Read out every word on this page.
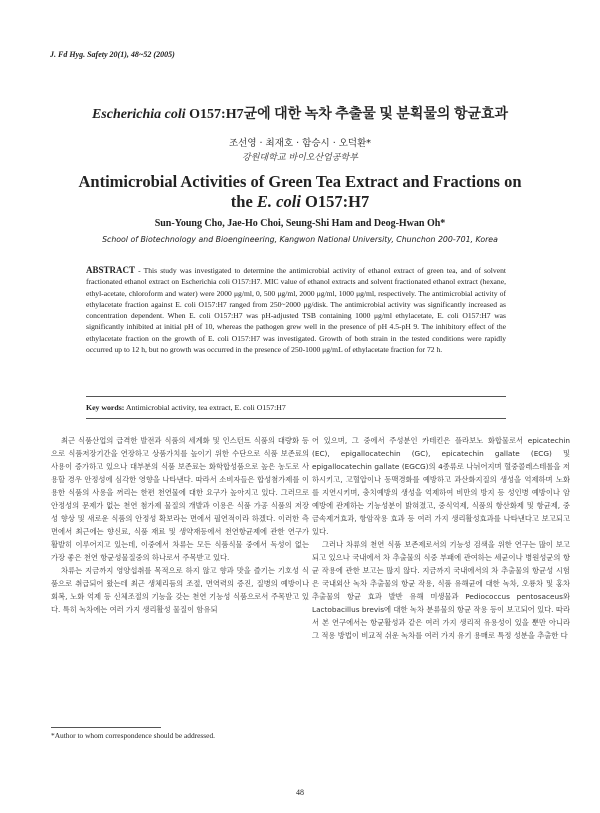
J. Fd Hyg. Safety 20(1), 48~52 (2005)
Escherichia coli O157:H7균에 대한 녹차 추출물 및 분획물의 항균효과
조선영 · 최재호 · 함승시 · 오덕환*
강원대학교 바이오산업공학부
Antimicrobial Activities of Green Tea Extract and Fractions on
the E. coli O157:H7
Sun-Young Cho, Jae-Ho Choi, Seung-Shi Ham and Deog-Hwan Oh*
School of Biotechnology and Bioengineering, Kangwon National University, Chunchon 200-701, Korea
ABSTRACT - This study was investigated to determine the antimicrobial activity of ethanol extract of green tea, and of solvent fractionated ethanol extract on Escherichia coli O157:H7. MIC value of ethanol extracts and solvent fractionated ethanol extract (hexane, ethyl-acetate, chloroform and water) were 2000 μg/ml, 0, 500 μg/ml, 2000 μg/ml, 1000 μg/ml, respectively. The antimicrobial activity of ethylacetate fraction against E. coli O157:H7 ranged from 250~2000 μg/disk. The antimicrobial activity was significantly increased as concentration dependent. When E. coli O157:H7 was pH-adjusted TSB containing 1000 μg/ml ethylacetate, E. coli O157:H7 was significantly inhibited at initial pH of 10, whereas the pathogen grew well in the presence of pH 4.5-pH 9. The inhibitory effect of the ethylacetate fraction on the growth of E. coli O157:H7 was investigated. Growth of both strain in the tested conditions were rapidly occurred up to 12 h, but no growth was occurred in the presence of 250-1000 μg/mL of ethylacetate fraction for 72 h.
Key words: Antimicrobial activity, tea extract, E. coli O157:H7

최근 식품산업의 급격한 발전과 식품의 세계화 및 인스턴트 식품의 대량화 등으로 식품저장기간을 연장하고 상품가치를 높이기 위한 수단으로 식품 보존료의 사용이 증가하고 있으나 대부분의 식품 보존료는 화학합성품으로 높은 농도로 사용할 경우 안정성에 심각한 영향을 나타낸다. 따라서 소비자들은 합성첨가제를 이용한 식품의 사용을 꺼리는 한편 천연물에 대한 요구가 높아지고 있다. 그러므로 안정성의 문제가 없는 천연 첨가제 물질의 개발과 이용은 식품 가공 식품의 저장성 향상 및 새로운 식품의 안정성 확보라는 면에서 필연적이라 하겠다. 이러한 측면에서 최근에는 향신료, 식품 재료 및 생약재등에서 천연항균제에 관한 연구가 활발히 이루어지고 있는데, 이중에서 차류는 모든 식품식물 중에서 독성이 없는 가장 좋은 천연 항균성물질중의 하나로서 주목받고 있다.

차류는 지금까지 영양섭취를 목적으로 하지 않고 향과 맛을 즐기는 기호성 식품으로 취급되어 왔는데 최근 생체리듬의 조절, 면역력의 증진, 질병의 예방이나 회복, 노화 억제 등 신체조절의 기능을 갖는 천연 기능성 식품으로서 주목받고 있다. 특히 녹차에는 여러 가지 생리활성 물질이 함유되

어 있으며, 그 중에서 주성분인 카테킨은 플라보노 화합물로서 epicatechin (EC), epigallocatechin (GC), epicatechin gallate (ECG) 및 epigallocatechin gallate (EGCG)의 4종류로 나뉘어지며 혈중콜레스테롤을 저하시키고, 고혈압이나 동맥경화를 예방하고 과산화지질의 생성을 억제하며 노화를 지연시키며, 충치예방의 생성을 억제하여 비만의 방지 등 성인병 예방이나 암 예방에 관계하는 기능성분이 밝혀졌고, 중식억제, 식품의 항산화제 및 항균제, 중금속제거효과, 항암작용 효과 등 여러 가지 생리활성효과를 나타낸다고 보고되고 있다.

그러나 차류의 천연 식품 보존제로서의 기능성 검색을 위한 연구는 많이 보고되고 있으나 국내에서 차 추출물의 식중 부패에 관여하는 세균이나 병원성균의 항균 작용에 관한 보고는 많지 않다. 지금까지 국내에서의 차 추출물의 항균성 시험은 국내외산 녹차 추출물의 항균 작용, 식품 유해균에 대한 녹차, 오룡차 및 홍차 추출물의 항균 효과 발반 유해 미생물과 Pediococcus pentosaceus와 Lactobacillus brevis에 대한 녹차 분류물의 항균 작용 등이 보고되어 있다. 따라서 본 연구에서는 항균활성과 같은 여러 가지 생리적 유용성이 있을 뿐만 아니라 그 적용 방법이 비교적 쉬운 녹차를 여러 가지 유기 용매로 특정 성분을 추출한 다

*Author to whom correspondence should be addressed.
48
